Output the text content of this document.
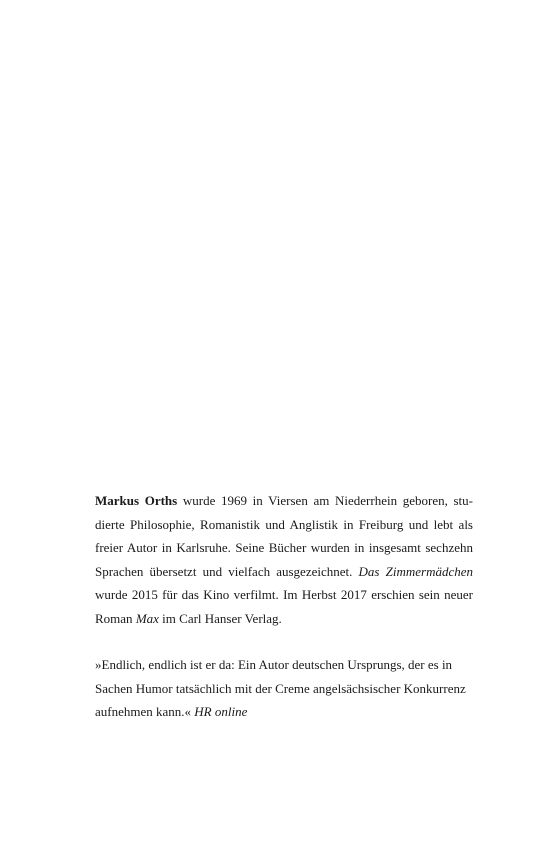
Markus Orths wurde 1969 in Viersen am Niederrhein geboren, studierte Philosophie, Romanistik und Anglistik in Freiburg und lebt als freier Autor in Karlsruhe. Seine Bücher wurden in insgesamt sechzehn Sprachen übersetzt und vielfach ausgezeichnet. Das Zimmermädchen wurde 2015 für das Kino verfilmt. Im Herbst 2017 erschien sein neuer Roman Max im Carl Hanser Verlag.

»Endlich, endlich ist er da: Ein Autor deutschen Ursprungs, der es in Sachen Humor tatsächlich mit der Creme angelsächsischer Konkurrenz aufnehmen kann.« HR online
